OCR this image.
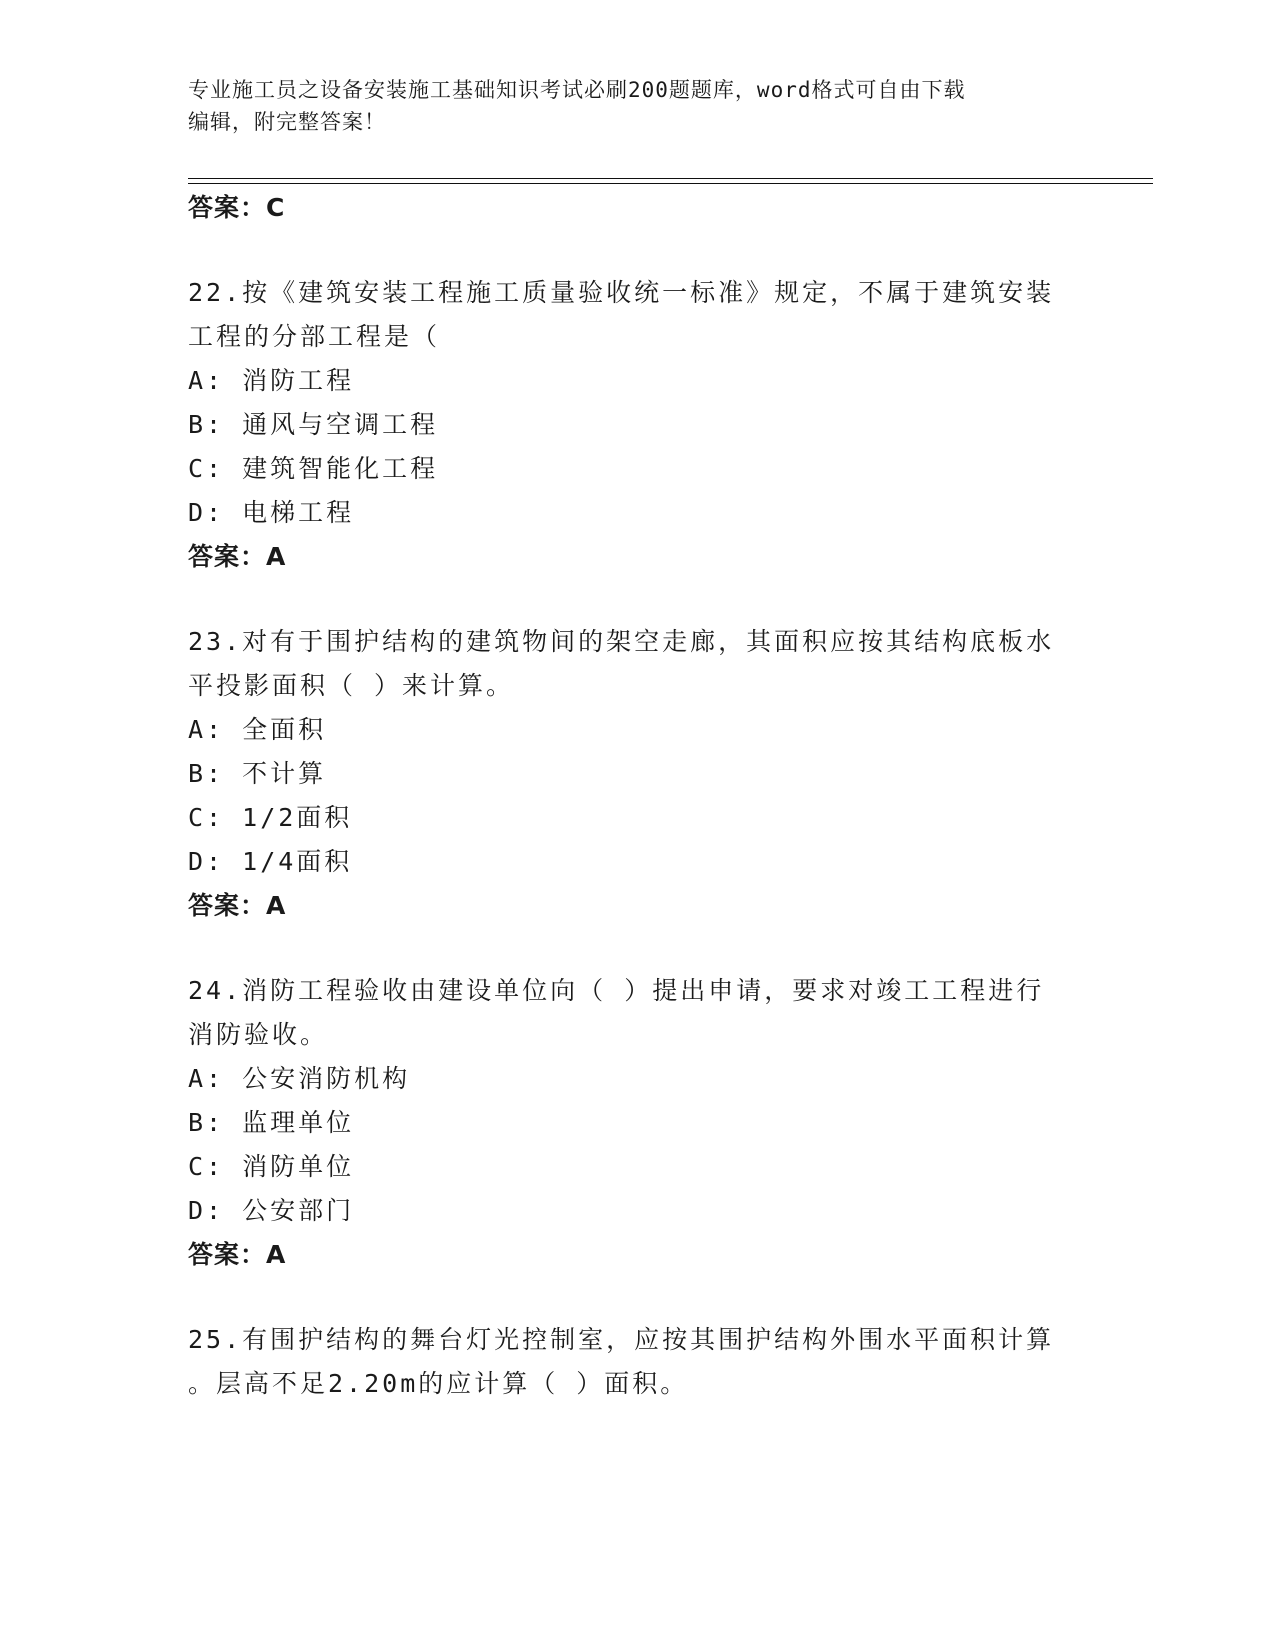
专业施工员之设备安装施工基础知识考试必刷200题题库，word格式可自由下载
编辑，附完整答案！
答案：C
22.按《建筑安装工程施工质量验收统一标准》规定，不属于建筑安装
工程的分部工程是（
A: 消防工程
B: 通风与空调工程
C: 建筑智能化工程
D: 电梯工程
答案：A
23.对有于围护结构的建筑物间的架空走廊，其面积应按其结构底板水
平投影面积（ ）来计算。
A: 全面积
B: 不计算
C: 1/2面积
D: 1/4面积
答案：A
24.消防工程验收由建设单位向（ ）提出申请，要求对竣工工程进行
消防验收。
A: 公安消防机构
B: 监理单位
C: 消防单位
D: 公安部门
答案：A
25.有围护结构的舞台灯光控制室，应按其围护结构外围水平面积计算
。层高不足2.20m的应计算（ ）面积。
